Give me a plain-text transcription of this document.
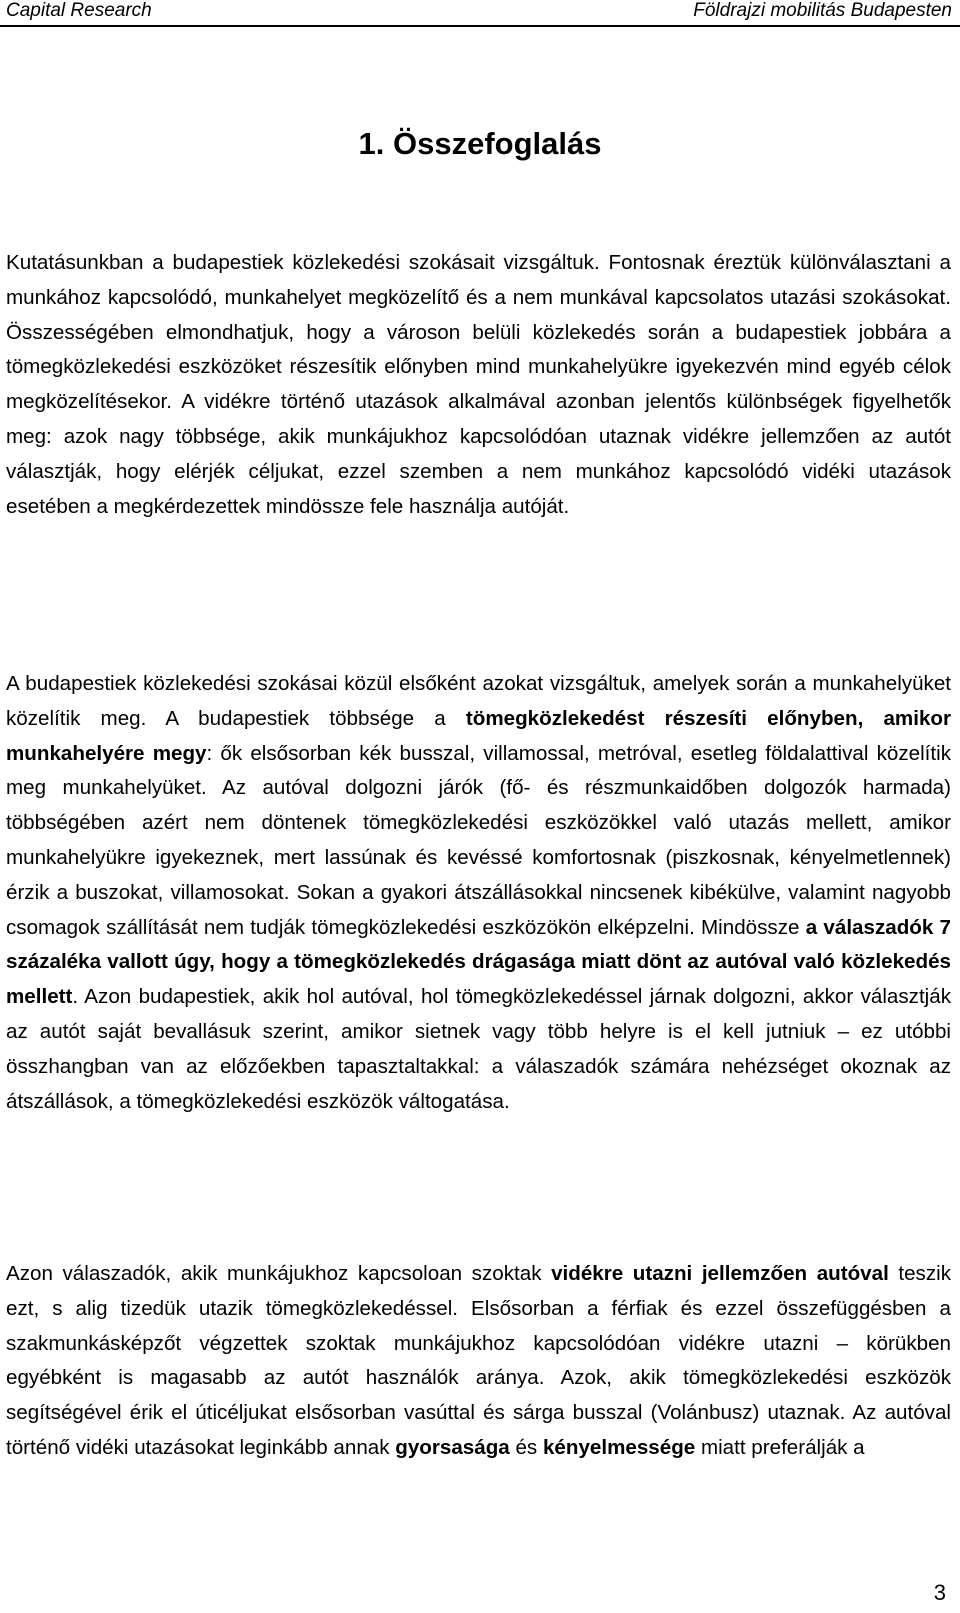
Capital Research	Földrajzi mobilitás Budapesten
1. Összefoglalás

Kutatásunkban a budapestiek közlekedési szokásait vizsgáltuk. Fontosnak éreztük különválasztani a munkához kapcsolódó, munkahelyet megközelítő és a nem munkával kapcsolatos utazási szokásokat. Összességében elmondhatjuk, hogy a városon belüli közlekedés során a budapestiek jobbára a tömegközlekedési eszközöket részesítik előnyben mind munkahelyükre igyekezvén mind egyéb célok megközelítésekor. A vidékre történő utazások alkalmával azonban jelentős különbségek figyelhetők meg: azok nagy többsége, akik munkájukhoz kapcsolódóan utaznak vidékre jellemzően az autót választják, hogy elérjék céljukat, ezzel szemben a nem munkához kapcsolódó vidéki utazások esetében a megkérdezettek mindössze fele használja autóját.

A budapestiek közlekedési szokásai közül elsőként azokat vizsgáltuk, amelyek során a munkahelyüket közelítik meg. A budapestiek többsége a tömegközlekedést részesíti előnyben, amikor munkahelyére megy: ők elsősorban kék busszal, villamossal, metróval, esetleg földalattival közelítik meg munkahelyüket. Az autóval dolgozni járók (fő- és részmunkaidőben dolgozók harmada) többségében azért nem döntenek tömegközlekedési eszközökkel való utazás mellett, amikor munkahelyükre igyekeznek, mert lassúnak és kevéssé komfortosnak (piszkosnak, kényelmetlennek) érzik a buszokat, villamosokat. Sokan a gyakori átszállásokkal nincsenek kibékülve, valamint nagyobb csomagok szállítását nem tudják tömegközlekedési eszközökön elképzelni. Mindössze a válaszadók 7 százaléka vallott úgy, hogy a tömegközlekedés drágasága miatt dönt az autóval való közlekedés mellett. Azon budapestiek, akik hol autóval, hol tömegközlekedéssel járnak dolgozni, akkor választják az autót saját bevallásuk szerint, amikor sietnek vagy több helyre is el kell jutniuk – ez utóbbi összhangban van az előzőekben tapasztaltakkal: a válaszadók számára nehézséget okoznak az átszállások, a tömegközlekedési eszközök váltogatása.

Azon válaszadók, akik munkájukhoz kapcsoloan szoktak vidékre utazni jellemzően autóval teszik ezt, s alig tizedük utazik tömegközlekedéssel. Elsősorban a férfiak és ezzel összefüggésben a szakmunkásképzőt végzettek szoktak munkájukhoz kapcsolódóan vidékre utazni – körükben egyébként is magasabb az autót használók aránya. Azok, akik tömegközlekedési eszközök segítségével érik el úticéljukat elsősorban vasúttal és sárga busszal (Volánbusz) utaznak. Az autóval történő vidéki utazásokat leginkább annak gyorsasága és kényelmessége miatt preferálják a

3
